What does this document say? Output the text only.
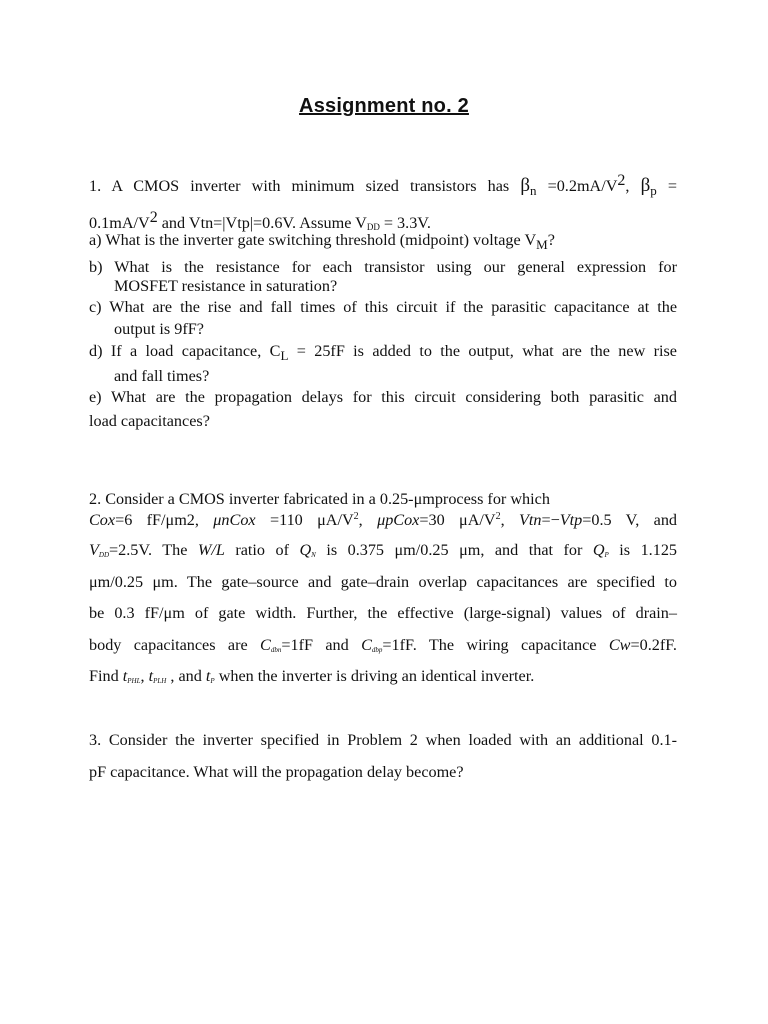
Assignment no. 2
1. A CMOS inverter with minimum sized transistors has $\beta_n =0.2mA/V2$, $\beta_p$ =
0.1mA/V2 and Vtn=|Vtp|=0.6V. Assume VDD = 3.3V.
a) What is the inverter gate switching threshold (midpoint) voltage $V_M$?
b) What is the resistance for each transistor using our general expression for
MOSFET resistance in saturation?
c) What are the rise and fall times of this circuit if the parasitic capacitance at the
output is 9fF?
d) If a load capacitance, $C_L = 25fF$ is added to the output, what are the new rise
and fall times?
e) What are the propagation delays for this circuit considering both parasitic and
load capacitances?
2. Consider a CMOS inverter fabricated in a 0.25-μmprocess for which
Cox=6 fF/μm2, μnCox =110 $\mu A/V^2$, μpCox=30 $\mu A/V^2$, Vtn=−Vtp=0.5 V, and
VDD=2.5V. The W/L ratio of QN is 0.375 μm/0.25 μm, and that for QP is 1.125
μm/0.25 μm. The gate–source and gate–drain overlap capacitances are specified to
be 0.3 fF/μm of gate width. Further, the effective (large-signal) values of drain–
body capacitances are Cdbn=1fF and Cdbp=1fF. The wiring capacitance Cw=0.2fF.
Find tPHL, tPLH , and tP when the inverter is driving an identical inverter.
3. Consider the inverter specified in Problem 2 when loaded with an additional 0.1-
pF capacitance. What will the propagation delay become?
